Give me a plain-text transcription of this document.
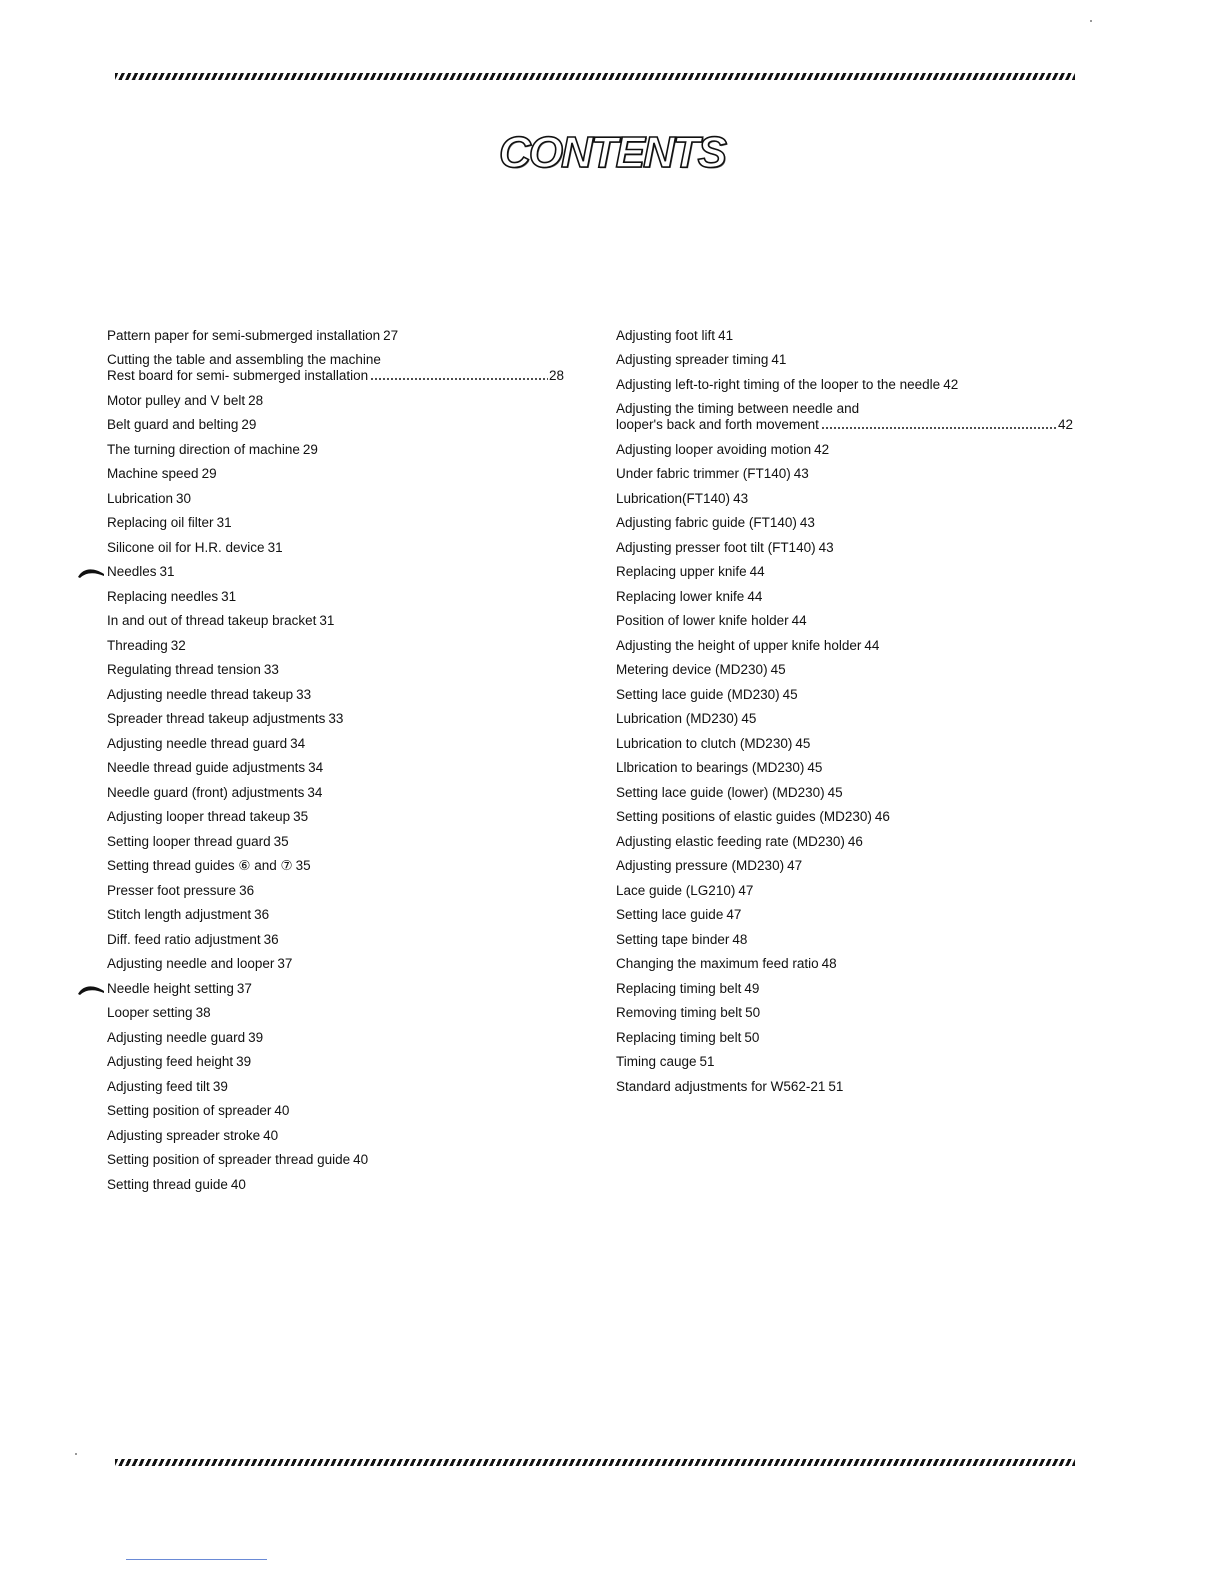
CONTENTS
Pattern paper for semi-submerged installation 27
Cutting the table and assembling the machine
Rest board for semi- submerged installation	28
Motor pulley and V belt 28
Belt guard and belting 29
The turning direction of machine 29
Machine speed 29
Lubrication 30
Replacing oil filter 31
Silicone oil for H.R. device 31
Needles 31
Replacing needles 31
In and out of thread takeup bracket 31
Threading 32
Regulating thread tension 33
Adjusting needle thread takeup 33
Spreader thread takeup adjustments 33
Adjusting needle thread guard 34
Needle thread guide adjustments 34
Needle guard (front) adjustments 34
Adjusting looper thread takeup 35
Setting looper thread guard 35
Setting thread guides ⑥ and ⑦ 35
Presser foot pressure 36
Stitch length adjustment 36
Diff. feed ratio adjustment 36
Adjusting needle and looper 37
Needle height setting 37
Looper setting 38
Adjusting needle guard 39
Adjusting feed height 39
Adjusting feed tilt 39
Setting position of spreader 40
Adjusting spreader stroke 40
Setting position of spreader thread guide 40
Setting thread guide 40
Adjusting foot lift 41
Adjusting spreader timing 41
Adjusting left-to-right timing of the looper to the needle 42
Adjusting the timing between needle and
looper's back and forth movement	42
Adjusting looper avoiding motion 42
Under fabric trimmer (FT140) 43
Lubrication(FT140) 43
Adjusting fabric guide (FT140) 43
Adjusting presser foot tilt (FT140) 43
Replacing upper knife 44
Replacing lower knife 44
Position of lower knife holder 44
Adjusting the height of upper knife holder 44
Metering device (MD230) 45
Setting lace guide (MD230) 45
Lubrication (MD230) 45
Lubrication to clutch (MD230) 45
Llbrication to bearings (MD230) 45
Setting lace guide (lower) (MD230) 45
Setting positions of elastic guides (MD230) 46
Adjusting elastic feeding rate (MD230) 46
Adjusting pressure (MD230) 47
Lace guide (LG210) 47
Setting lace guide 47
Setting tape binder 48
Changing the maximum feed ratio 48
Replacing timing belt 49
Removing timing belt 50
Replacing timing belt 50
Timing cauge 51
Standard adjustments for W562-21 51
